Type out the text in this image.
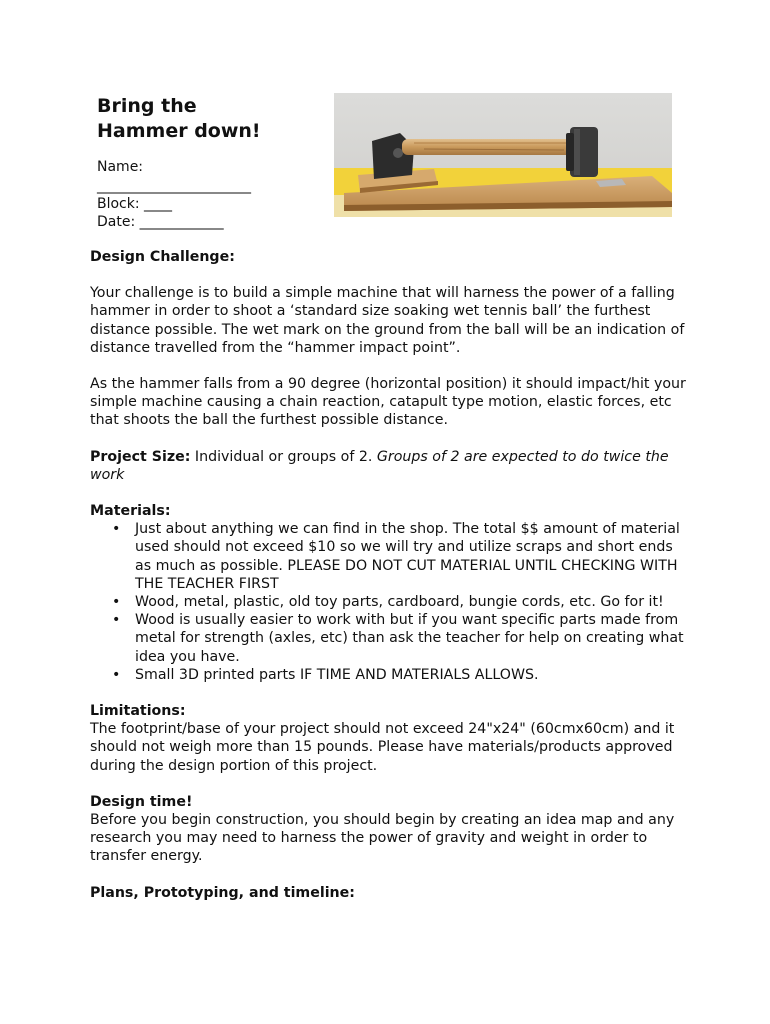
Bring the
Hammer down!
Name:
______________________
Block: ____
Date: ____________

Design Challenge:

Your challenge is to build a simple machine that will harness the power of a falling hammer in order to shoot a ‘standard size soaking wet tennis ball’ the furthest distance possible. The wet mark on the ground from the ball will be an indication of distance travelled from the “hammer impact point”.

As the hammer falls from a 90 degree (horizontal position) it should impact/hit your simple machine causing a chain reaction, catapult type motion, elastic forces, etc that shoots the ball the furthest possible distance.

Project Size: Individual or groups of 2. Groups of 2 are expected to do twice the work

Materials:

• Just about anything we can find in the shop. The total $$ amount of material used should not exceed $10 so we will try and utilize scraps and short ends as much as possible. PLEASE DO NOT CUT MATERIAL UNTIL CHECKING WITH THE TEACHER FIRST
• Wood, metal, plastic, old toy parts, cardboard, bungie cords, etc. Go for it!
• Wood is usually easier to work with but if you want specific parts made from metal for strength (axles, etc) than ask the teacher for help on creating what idea you have.
• Small 3D printed parts IF TIME AND MATERIALS ALLOWS.

Limitations:

The footprint/base of your project should not exceed 24"x24" (60cmx60cm) and it should not weigh more than 15 pounds. Please have materials/products approved during the design portion of this project.

Design time!

Before you begin construction, you should begin by creating an idea map and any research you may need to harness the power of gravity and weight in order to transfer energy.

Plans, Prototyping, and timeline:
